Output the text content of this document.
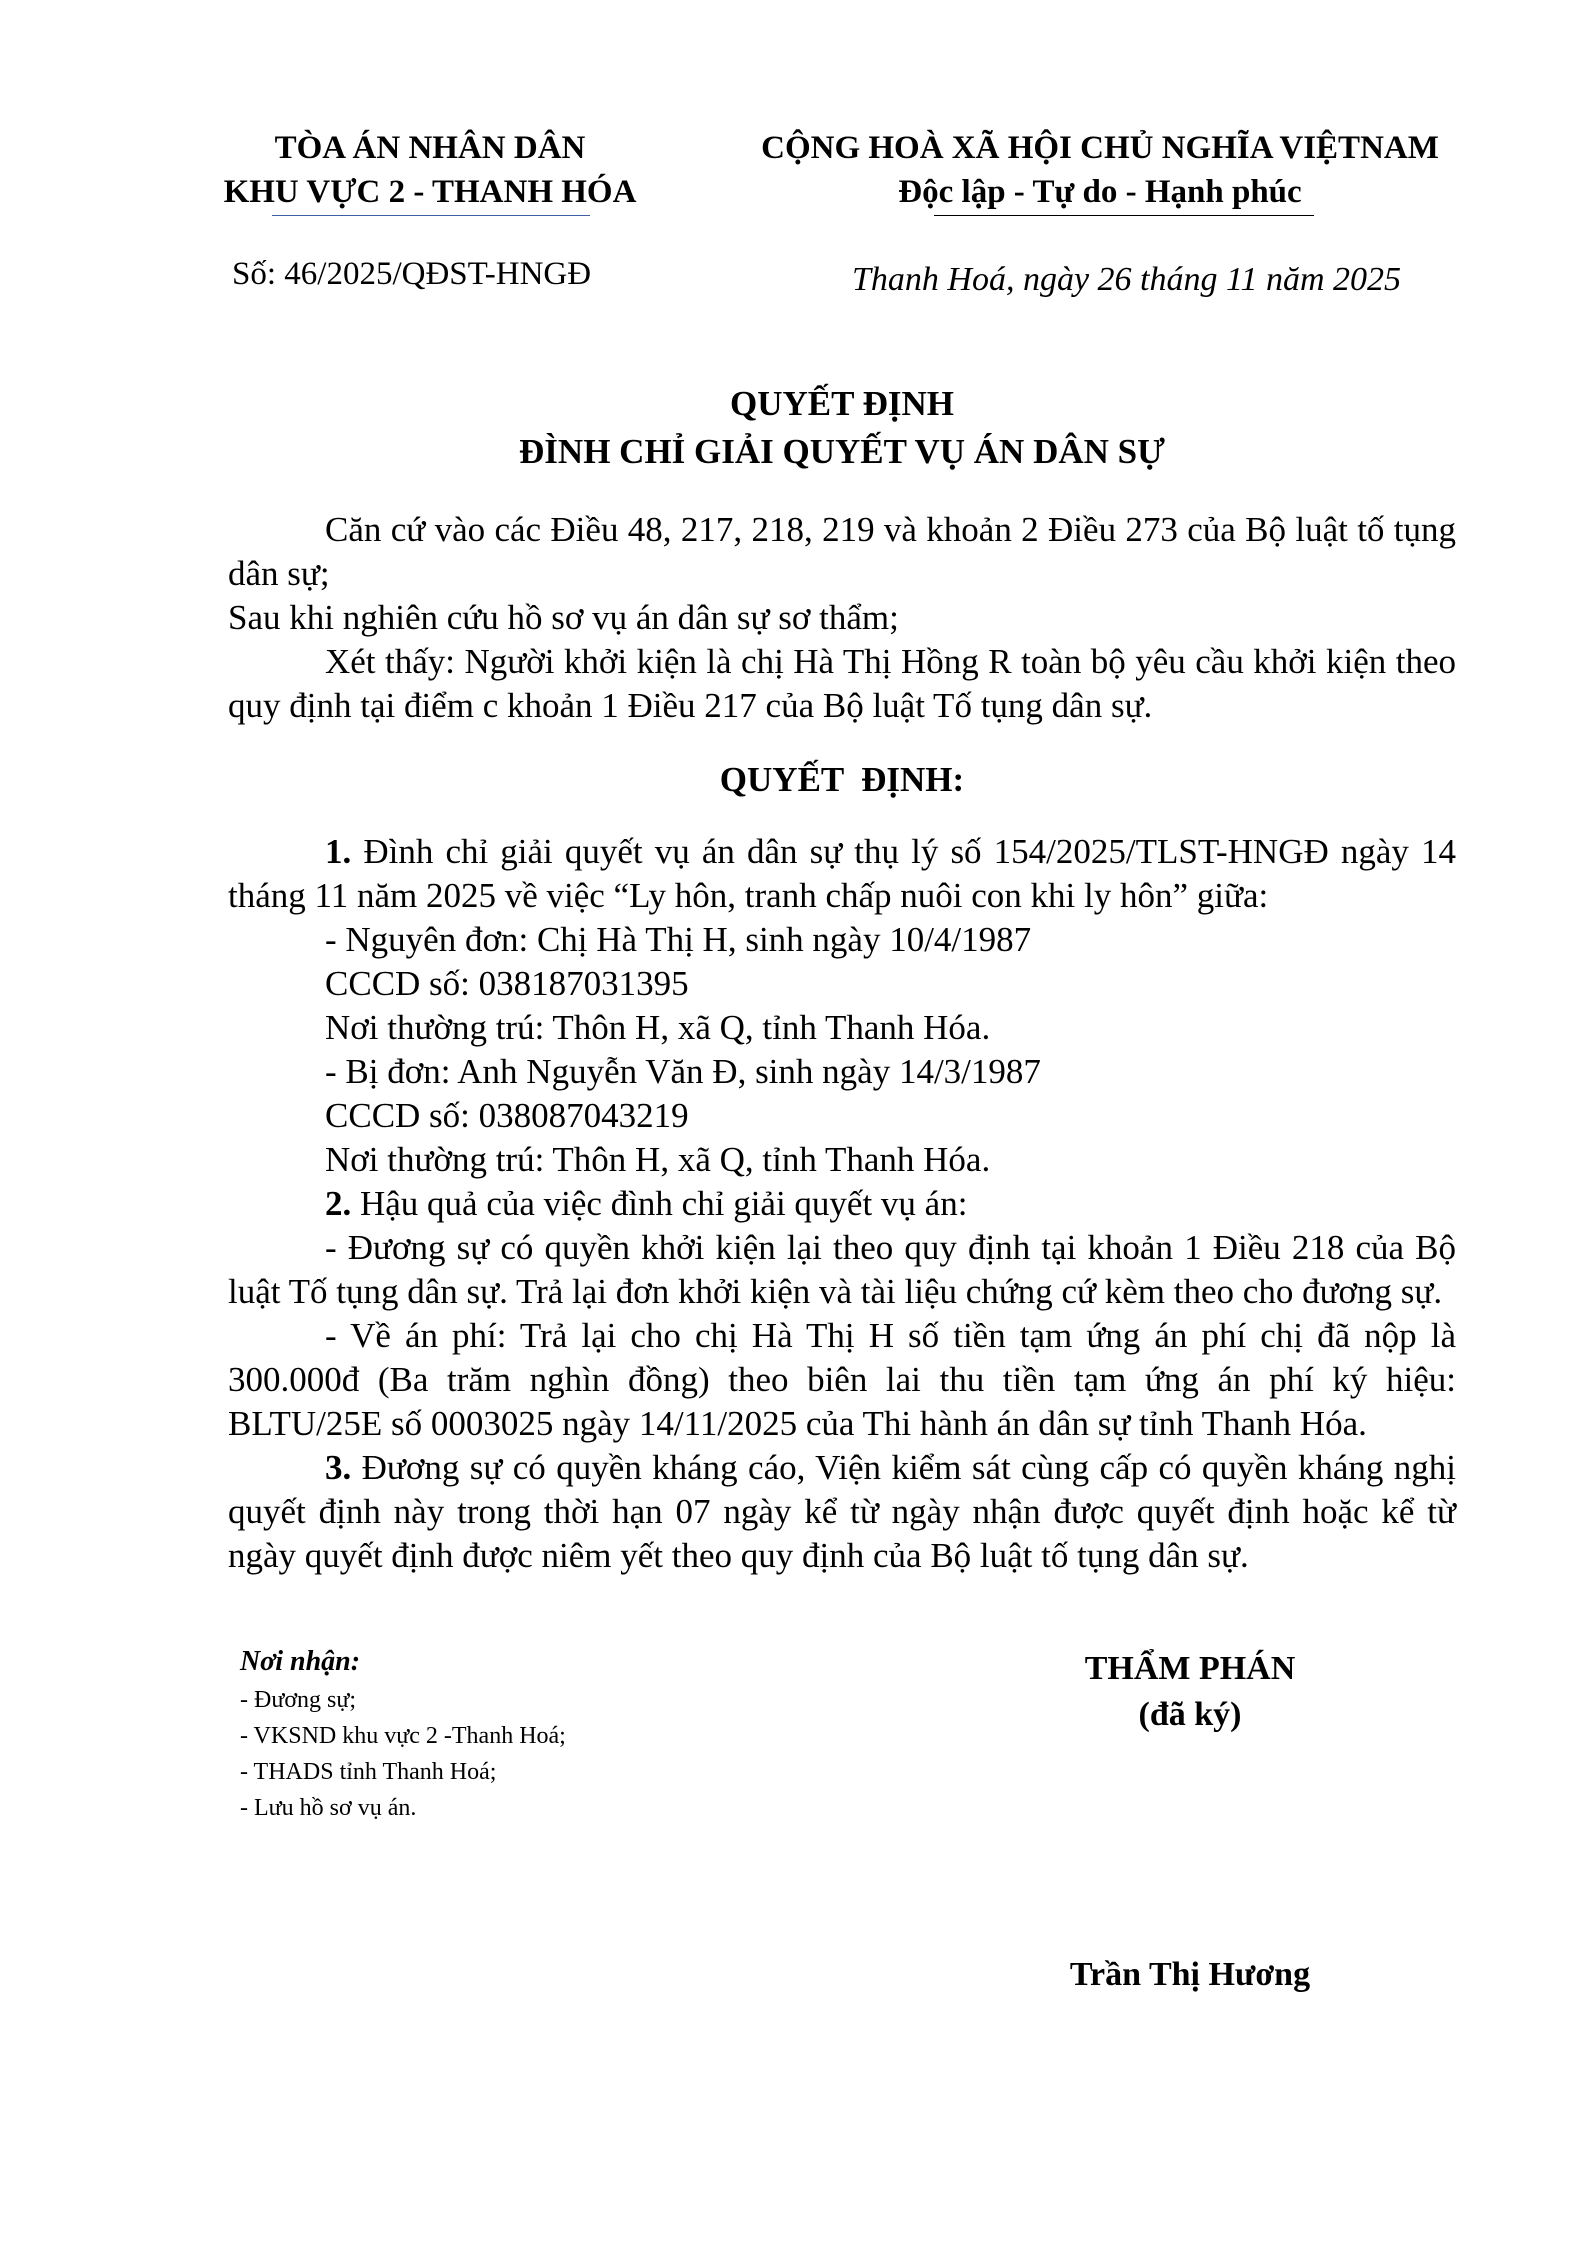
TÒA ÁN NHÂN DÂN
KHU VỰC 2 - THANH HÓA
CỘNG HOÀ XÃ HỘI CHỦ NGHĨA VIỆTNAM
Độc lập - Tự do - Hạnh phúc
Số: 46/2025/QĐST-HNGĐ	Thanh Hoá, ngày 26 tháng 11 năm 2025
QUYẾT ĐỊNH
ĐÌNH CHỈ GIẢI QUYẾT VỤ ÁN DÂN SỰ

Căn cứ vào các Điều 48, 217, 218, 219 và khoản 2 Điều 273 của Bộ luật tố tụng dân sự;

Sau khi nghiên cứu hồ sơ vụ án dân sự sơ thẩm;

Xét thấy: Người khởi kiện là chị Hà Thị Hồng R toàn bộ yêu cầu khởi kiện theo quy định tại điểm c khoản 1 Điều 217 của Bộ luật Tố tụng dân sự.

QUYẾT  ĐỊNH:

1. Đình chỉ giải quyết vụ án dân sự thụ lý số 154/2025/TLST-HNGĐ ngày 14 tháng 11 năm 2025 về việc “Ly hôn, tranh chấp nuôi con khi ly hôn” giữa:

- Nguyên đơn: Chị Hà Thị H, sinh ngày 10/4/1987

CCCD số: 038187031395

Nơi thường trú: Thôn H, xã Q, tỉnh Thanh Hóa.

- Bị đơn: Anh Nguyễn Văn Đ, sinh ngày 14/3/1987

CCCD số: 038087043219

Nơi thường trú: Thôn H, xã Q, tỉnh Thanh Hóa.

2. Hậu quả của việc đình chỉ giải quyết vụ án:

- Đương sự có quyền khởi kiện lại theo quy định tại khoản 1 Điều 218 của Bộ luật Tố tụng dân sự. Trả lại đơn khởi kiện và tài liệu chứng cứ kèm theo cho đương sự.

- Về án phí: Trả lại cho chị Hà Thị H số tiền tạm ứng án phí chị đã nộp là 300.000đ (Ba trăm nghìn đồng) theo biên lai thu tiền tạm ứng án phí ký hiệu: BLTU/25E số 0003025 ngày 14/11/2025 của Thi hành án dân sự tỉnh Thanh Hóa.

3. Đương sự có quyền kháng cáo, Viện kiểm sát cùng cấp có quyền kháng nghị quyết định này trong thời hạn 07 ngày kể từ ngày nhận được quyết định hoặc kể từ ngày quyết định được niêm yết theo quy định của Bộ luật tố tụng dân sự.

Nơi nhận:
- Đương sự;
- VKSND khu vực 2 -Thanh Hoá;
- THADS tỉnh Thanh Hoá;
- Lưu hồ sơ vụ án.
THẨM PHÁN
(đã ký)
Trần Thị Hương
